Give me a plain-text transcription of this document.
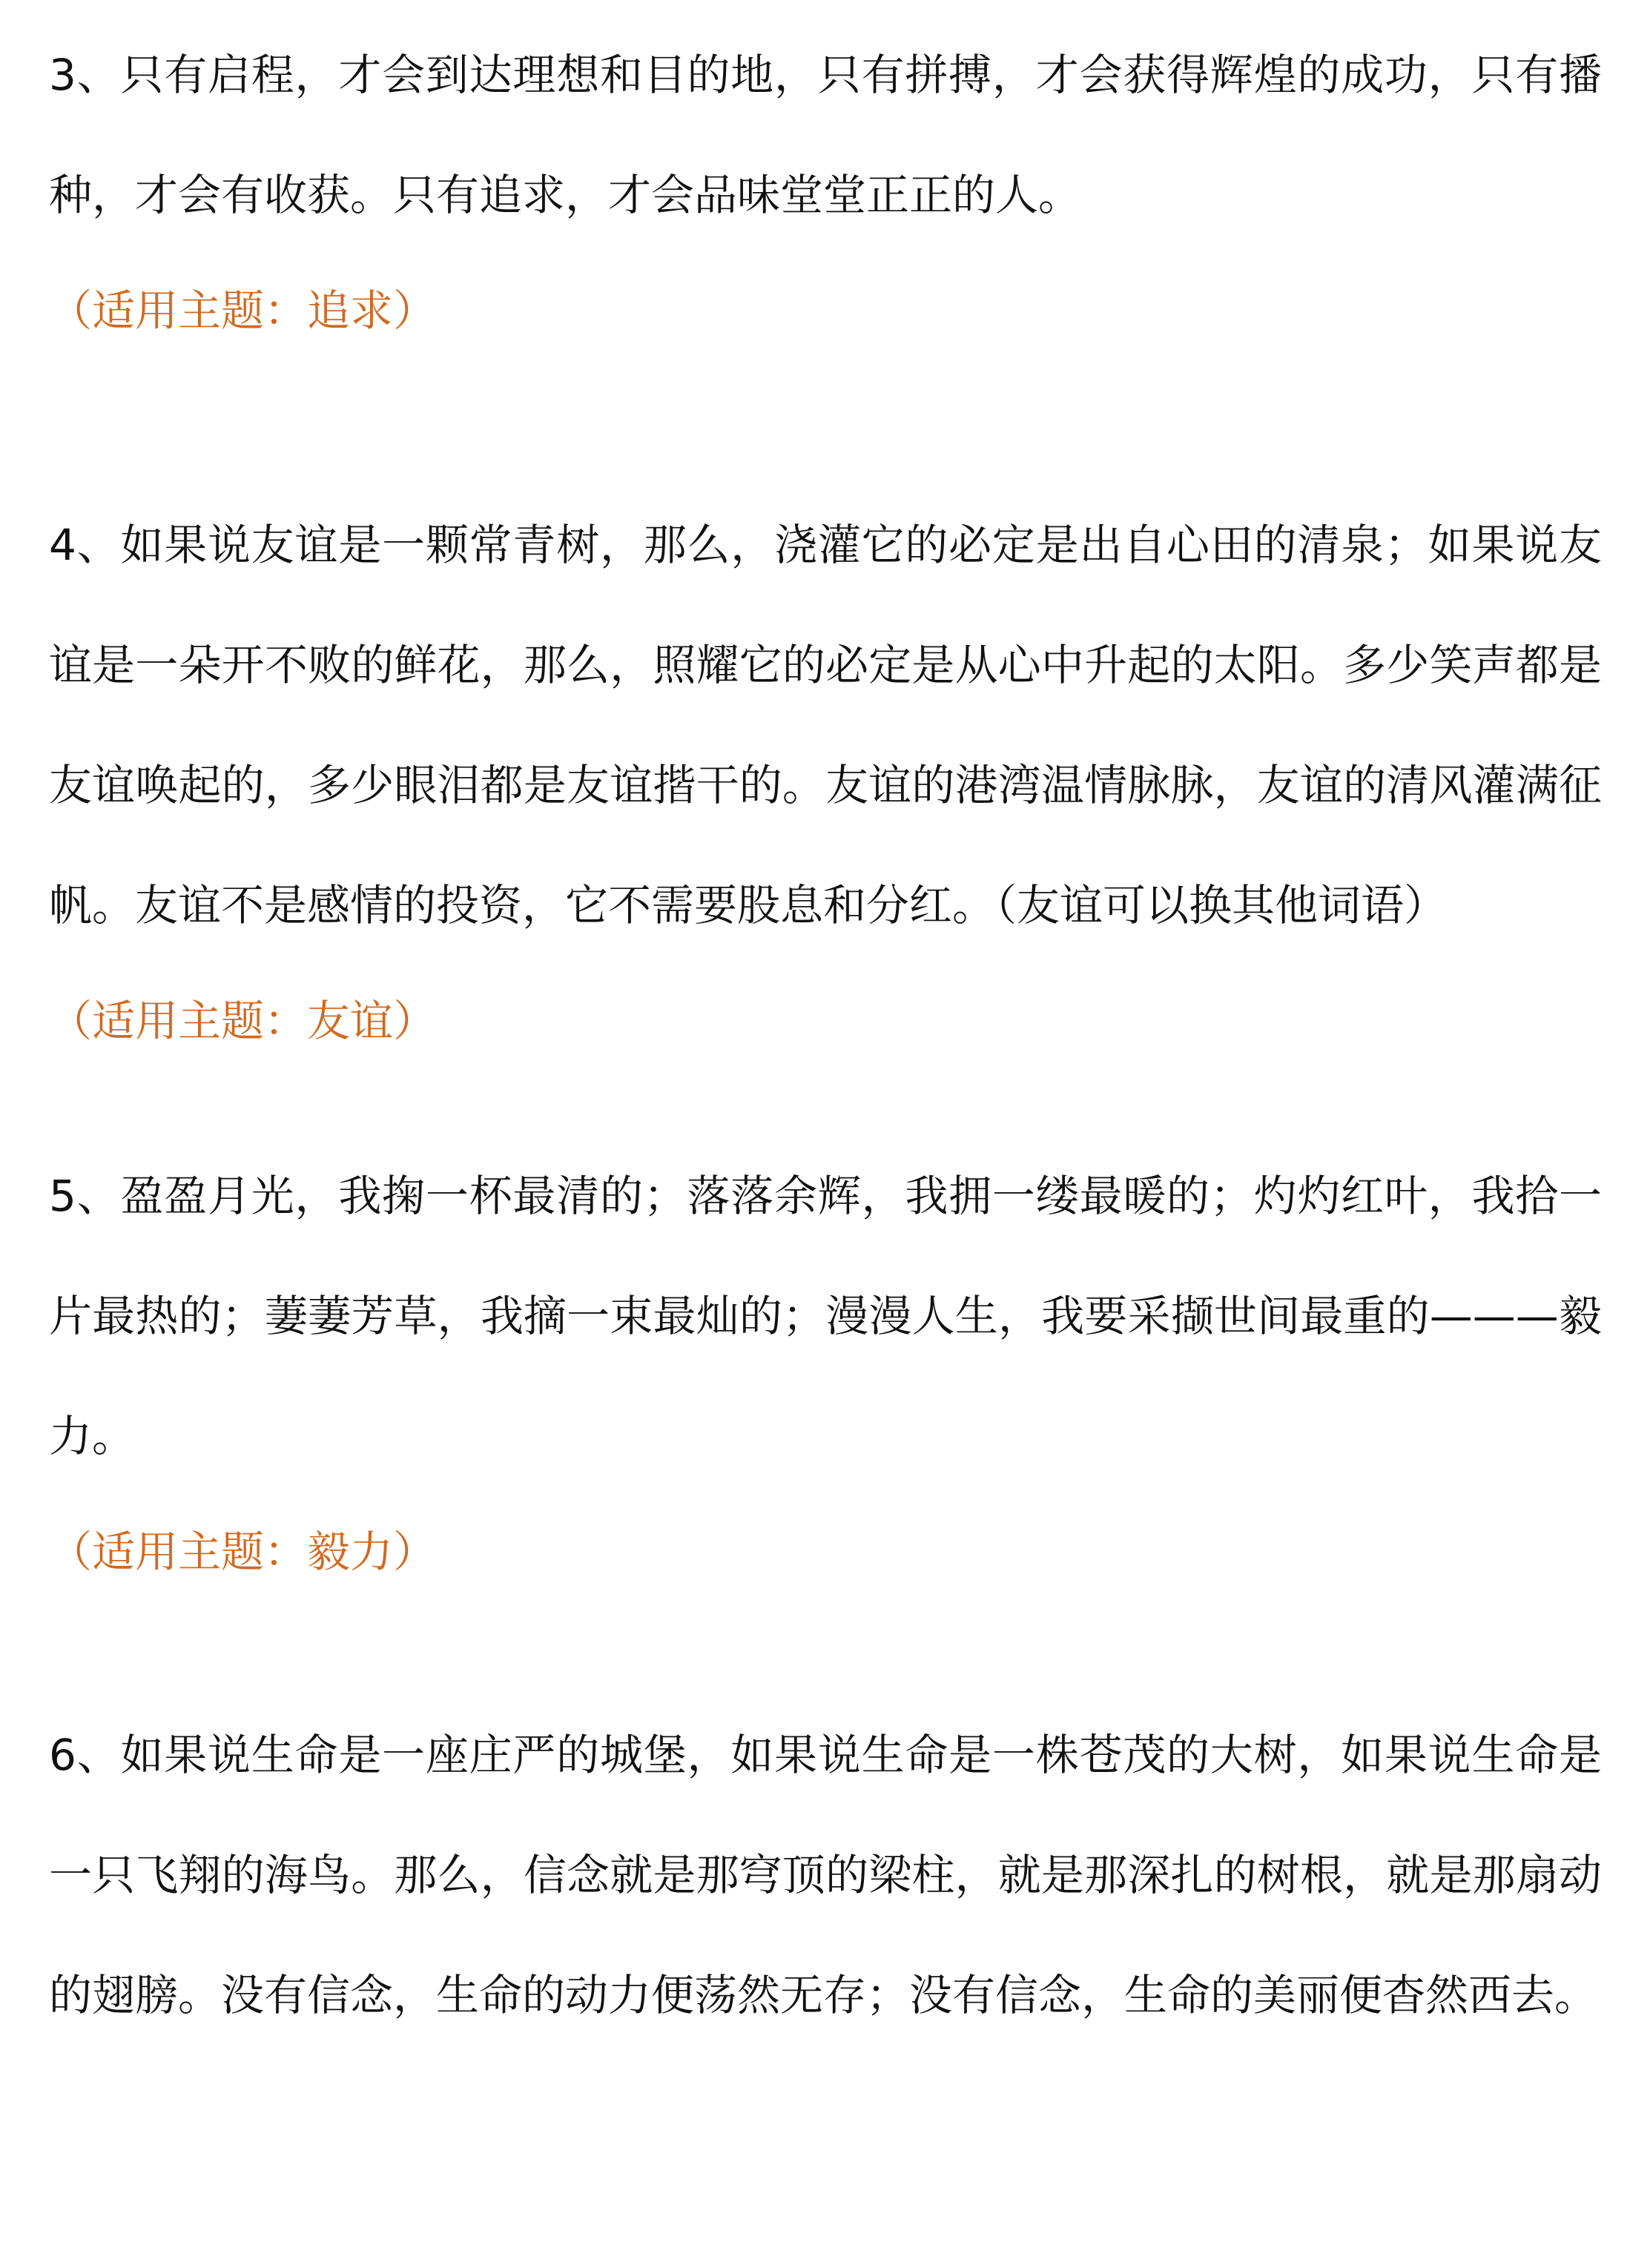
3、只有启程，才会到达理想和目的地，只有拼搏，才会获得辉煌的成功，只有播种，才会有收获。只有追求，才会品味堂堂正正的人。

（适用主题：追求）

4、如果说友谊是一颗常青树，那么，浇灌它的必定是出自心田的清泉；如果说友谊是一朵开不败的鲜花，那么，照耀它的必定是从心中升起的太阳。多少笑声都是友谊唤起的，多少眼泪都是友谊揩干的。友谊的港湾温情脉脉，友谊的清风灌满征帆。友谊不是感情的投资，它不需要股息和分红。（友谊可以换其他词语）

（适用主题：友谊）

5、盈盈月光，我掬一杯最清的；落落余辉，我拥一缕最暖的；灼灼红叶，我拾一片最热的；萋萋芳草，我摘一束最灿的；漫漫人生，我要采撷世间最重的———毅力。

（适用主题：毅力）

6、如果说生命是一座庄严的城堡，如果说生命是一株苍茂的大树，如果说生命是一只飞翔的海鸟。那么，信念就是那穹顶的梁柱，就是那深扎的树根，就是那扇动的翅膀。没有信念，生命的动力便荡然无存；没有信念，生命的美丽便杳然西去。
